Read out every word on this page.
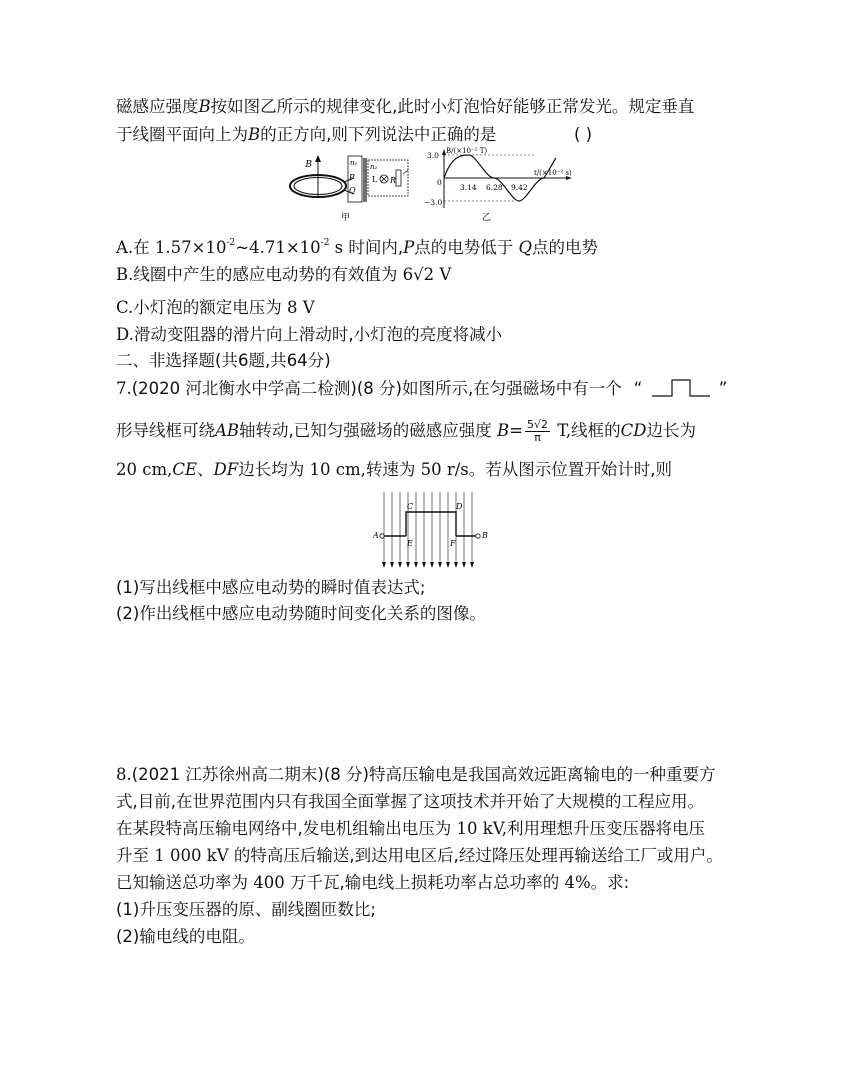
磁感应强度B按如图乙所示的规律变化,此时小灯泡恰好能够正常发光。规定垂直
于线圈平面向上为B的正方向,则下列说法中正确的是	( )
B	n₁
P
Q
n₂
L R
甲
B/(×10⁻² T)
t/(×10⁻² s)
3.0
−3.0
0
3.14 6.28 9.42
乙
A.在 $1.57\times 10^{-2}\sim 4.71\times 10^{-2}$ s 时间内,P点的电势低于 Q点的电势
B.线圈中产生的感应电动势的有效值为 6√2 V
C.小灯泡的额定电压为 8 V
D.滑动变阻器的滑片向上滑动时,小灯泡的亮度将减小
二、非选择题(共6题,共64分)
7.(2020 河北衡水中学高二检测)(8 分)如图所示,在匀强磁场中有一个 “	”
形导线框可绕AB轴转动,已知匀强磁场的磁感应强度 $B= \frac{5√2}{\pi} T$,线框的CD边长为
20 cm,CE、DF边长均为 10 cm,转速为 50 r/s。若从图示位置开始计时,则
A	B
C	D
E	F
(1)写出线框中感应电动势的瞬时值表达式;
(2)作出线框中感应电动势随时间变化关系的图像。
8.(2021 江苏徐州高二期末)(8 分)特高压输电是我国高效远距离输电的一种重要方
式,目前,在世界范围内只有我国全面掌握了这项技术并开始了大规模的工程应用。
在某段特高压输电网络中,发电机组输出电压为 10 kV,利用理想升压变压器将电压
升至 1 000 kV 的特高压后输送,到达用电区后,经过降压处理再输送给工厂或用户。
已知输送总功率为 400 万千瓦,输电线上损耗功率占总功率的 4%。求:
(1)升压变压器的原、副线圈匝数比;
(2)输电线的电阻。
